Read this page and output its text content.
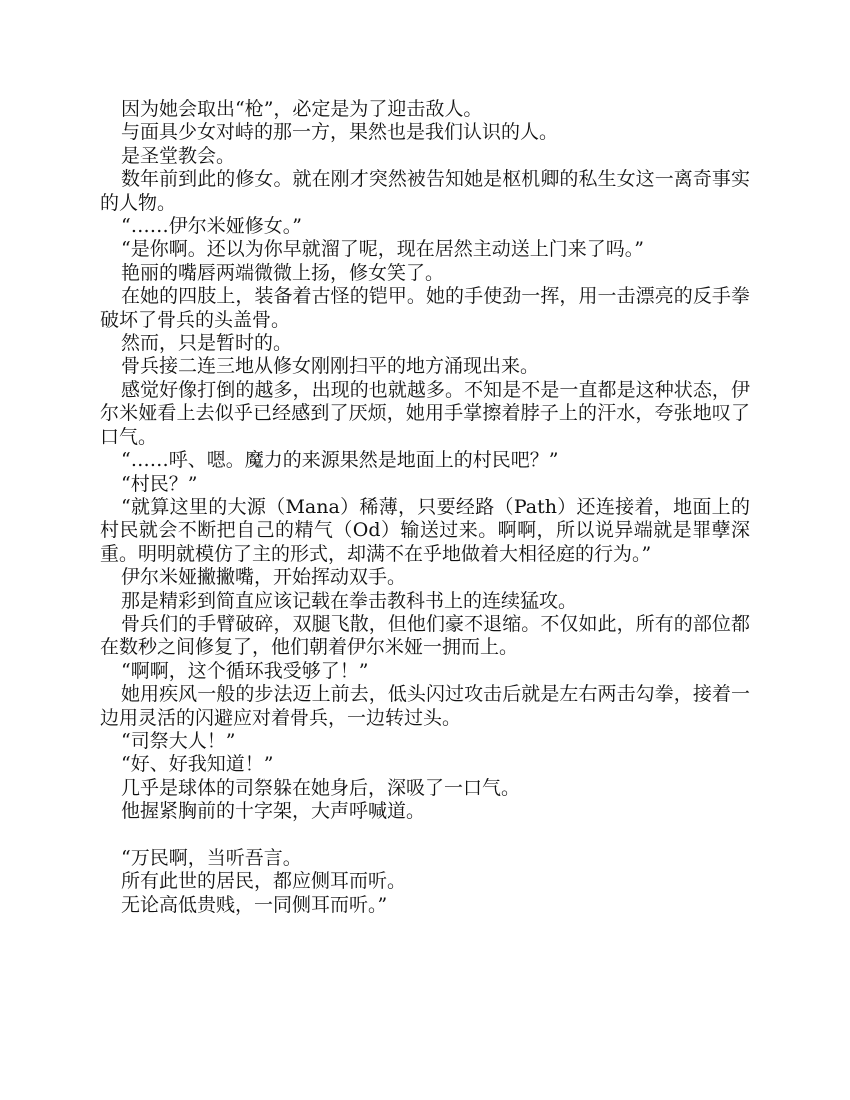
因为她会取出“枪”，必定是为了迎击敌人。

与面具少女对峙的那一方，果然也是我们认识的人。

是圣堂教会。

数年前到此的修女。就在刚才突然被告知她是枢机卿的私生女这一离奇事实的人物。

“……伊尔米娅修女。”

“是你啊。还以为你早就溜了呢，现在居然主动送上门来了吗。”

艳丽的嘴唇两端微微上扬，修女笑了。

在她的四肢上，装备着古怪的铠甲。她的手使劲一挥，用一击漂亮的反手拳破坏了骨兵的头盖骨。

然而，只是暂时的。

骨兵接二连三地从修女刚刚扫平的地方涌现出来。

感觉好像打倒的越多，出现的也就越多。不知是不是一直都是这种状态，伊尔米娅看上去似乎已经感到了厌烦，她用手掌擦着脖子上的汗水，夸张地叹了口气。

“……呼、嗯。魔力的来源果然是地面上的村民吧？”

“村民？”

“就算这里的大源（Mana）稀薄，只要经路（Path）还连接着，地面上的村民就会不断把自己的精气（Od）输送过来。啊啊，所以说异端就是罪孽深重。明明就模仿了主的形式，却满不在乎地做着大相径庭的行为。”

伊尔米娅撇撇嘴，开始挥动双手。

那是精彩到简直应该记载在拳击教科书上的连续猛攻。

骨兵们的手臂破碎，双腿飞散，但他们豪不退缩。不仅如此，所有的部位都在数秒之间修复了，他们朝着伊尔米娅一拥而上。

“啊啊，这个循环我受够了！”

她用疾风一般的步法迈上前去，低头闪过攻击后就是左右两击勾拳，接着一边用灵活的闪避应对着骨兵，一边转过头。

“司祭大人！”

“好、好我知道！”

几乎是球体的司祭躲在她身后，深吸了一口气。

他握紧胸前的十字架，大声呼喊道。

“万民啊，当听吾言。

所有此世的居民，都应侧耳而听。

无论高低贵贱，一同侧耳而听。”
